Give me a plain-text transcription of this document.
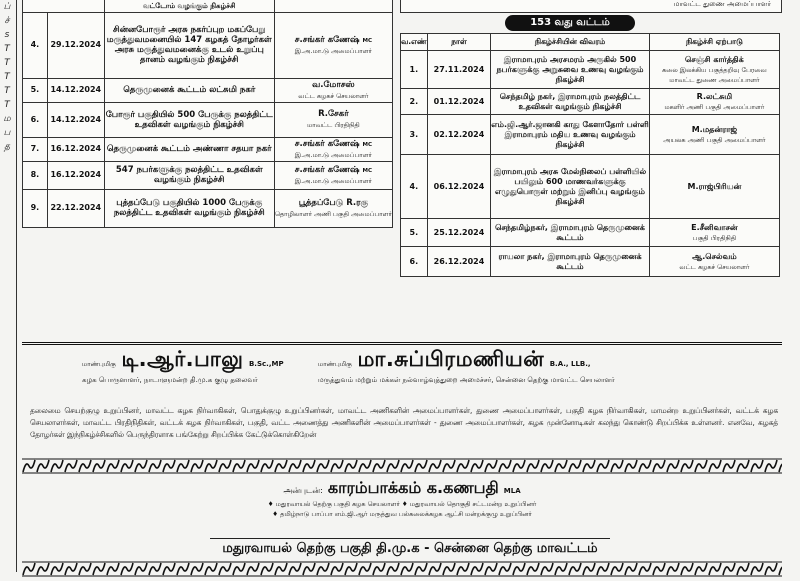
ப்
ச்
s
T
T
T
T
T
ம
ப
த
		வட்டோம் வழங்கும் நிகழ்ச்சி	
4.	29.12.2024	சின்னபோரூர் அரசு நகர்ப்புற மகப்பேறு மருத்துவமனையில் 147 கழகத் தோழர்கள் அரசு மருத்துவமனைக்கு உடல் உறுப்பு தானம் வழங்கும் நிகழ்ச்சி	ச.சங்கர் கணேஷ் MC
இ.அ.மா.டு அமைப்பாளர்

5.	14.12.2024	தெருமுனைக் கூட்டம் லட்சுமி நகர்	வ.மோசஸ்
வட்ட கழகச் செயலாளர்

6.	14.12.2024	போரூர் பகுதியில் 500 பேருக்கு நலத்திட்ட உதவிகள் வழங்கும் நிகழ்ச்சி	R.சேகர்
மாவட்ட பிரதிநிதி

7.	16.12.2024	தெருமுனைக் கூட்டம் அண்ணா சதயா நகர்	ச.சங்கர் கணேஷ் MC
இ.அ.மா.டு அமைப்பாளர்

8.	16.12.2024	547 நபர்களுக்கு நலத்திட்ட உதவிகள் வழங்கும் நிகழ்ச்சி	ச.சங்கர் கணேஷ் MC
இ.அ.மா.டு அமைப்பாளர்

9.	22.12.2024	புத்தப்பேடு பகுதியில் 1000 பேருக்கு நலத்திட்ட உதவிகள் வழங்கும் நிகழ்ச்சி	பூத்தப்பேடு R.ரகு
தொழிலாளர் அணி பகுதி அமைப்பாளர்
மாவட்ட துணை அமைப்பாளர்
153 வது வட்டம்
வ.எண்	நாள்	நிகழ்ச்சியின் விவரம்	நிகழ்ச்சி ஏற்பாடு
1.	27.11.2024	இராமாபுரம் அரசமரம் அருகில் 500 நபர்களுக்கு அறுசுவை உணவு வழங்கும் நிகழ்ச்சி	செஞ்சி கார்த்திக்
கலை இலக்கிய பகுத்தறிவு பேரவை மாவட்ட துணை அமைப்பாளர்

2.	01.12.2024	செந்தமிழ் நகர், இராமாபுரம் நலத்திட்ட உதவிகள் வழங்கும் நிகழ்ச்சி	R.லட்சுமி
மகளிர் அணி பகுதி அமைப்பாளர்

3.	02.12.2024	எம்.ஜி.ஆர்.ஜானகி காது கேளாதோர் பள்ளி இராமாபுரம் மதிய உணவு வழங்கும் நிகழ்ச்சி	M.மதன்ராஜ்
அயலக அணி பகுதி அமைப்பாளர்

4.	06.12.2024	இராமாபுரம் அரசு மேல்நிலைப் பள்ளியில் பயிலும் 600 மாணவர்களுக்கு எழுதுபொருள் மற்றும் இனிப்பு வழங்கும் நிகழ்ச்சி	M.ராஜ்பிரியன்

5.	25.12.2024	செந்தமிழ்நகர், இராமாபுரம் தெருமுனைக் கூட்டம்	E.சீனிவாசன்
பகுதி பிரதிநிதி

6.	26.12.2024	ராயலா நகர், இராமாபுரம் தெருமுனைக் கூட்டம்	ஆ.செல்வம்
வட்ட கழகச் செயலாளர்
மாண்புமிகு டி.ஆர்.பாலு B.Sc.,MP
கழக பொருளாளர், நாடாளுமன்ற தி.மு.க குழு தலைவர்
மாண்புமிகு மா.சுப்பிரமணியன் B.A., LLB.,
மருத்துவம் மற்றும் மக்கள் நல்வாழ்வுத்துறை அமைச்சர், சென்னை தெற்கு மாவட்ட செயலாளர்
தலைமை செயற்குழு உறுப்பினர், மாவட்ட கழக நிர்வாகிகள், பொதுக்குழு உறுப்பினர்கள், மாவட்ட அணிகளின் அமைப்பாளர்கள், துணை அமைப்பாளர்கள், பகுதி கழக நிர்வாகிகள், மாமன்ற உறுப்பினர்கள், வட்டக் கழக செயலாளர்கள், மாவட்ட பிரதிநிதிகள், வட்டக் கழக நிர்வாகிகள், பகுதி, வட்ட அணைத்து அணிகளின் அமைப்பாளர்கள் - துணை அமைப்பாளர்கள், கழக முன்னோடிகள் கலந்து கொண்டு சிறப்பிக்க உள்ளனர். எனவே, கழகத் தோழர்கள் இந்நிகழ்ச்சிகளில் பெருந்திரளாக பங்கேற்று சிறப்பிக்க கேட்டுக்கொள்கிறேன்
அன்புடன்: காரம்பாக்கம் க.கணபதி MLA
♦ மதுரவாயல் தெற்கு பகுதி கழக செயலாளர் ♦ மதுரவாயல் தொகுதி சட்டமன்ற உறுப்பினர்
♦ தமிழ்நாடு பாப்பா எம்.ஜி.ஆர் மருத்துவ பல்கலைக்கழக ஆட்சி மன்றக்குழு உறுப்பினர்
மதுரவாயல் தெற்கு பகுதி தி.மு.க - சென்னை தெற்கு மாவட்டம்
